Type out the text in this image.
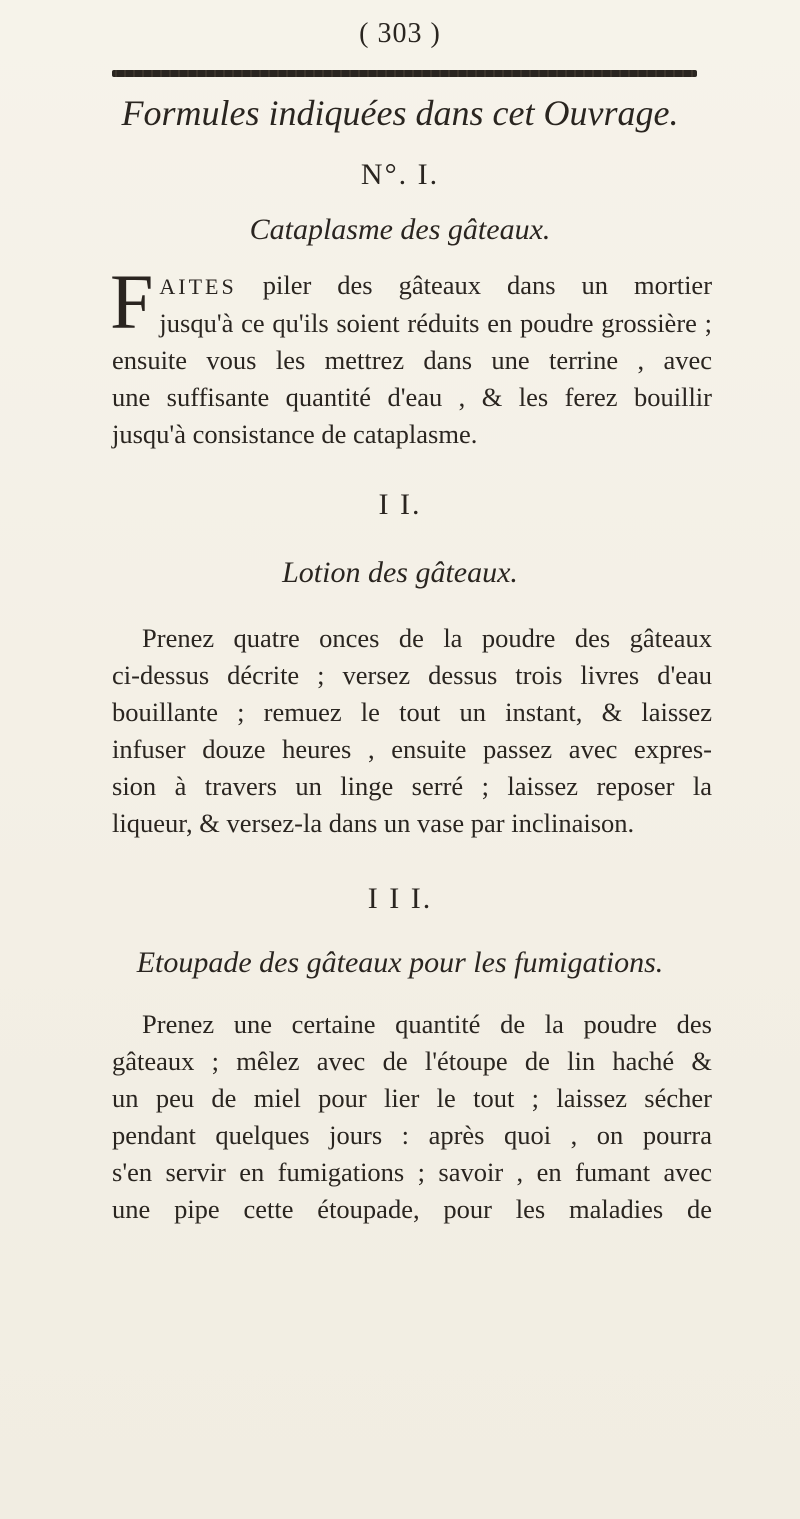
( 303 )
Formules indiquées dans cet Ouvrage.
N°. I.
Cataplasme des gâteaux.
FAITES piler des gâteaux dans un mortier
jusqu'à ce qu'ils soient réduits en poudre grossière ;
ensuite vous les mettrez dans une terrine , avec
une suffisante quantité d'eau , & les ferez bouillir
jusqu'à consistance de cataplasme.
I I.
Lotion des gâteaux.
Prenez quatre onces de la poudre des gâteaux
ci-dessus décrite ; versez dessus trois livres d'eau
bouillante ; remuez le tout un instant, & laissez
infuser douze heures , ensuite passez avec expres-
sion à travers un linge serré ; laissez reposer la
liqueur, & versez-la dans un vase par inclinaison.
I I I.
Etoupade des gâteaux pour les fumigations.
Prenez une certaine quantité de la poudre des
gâteaux ; mêlez avec de l'étoupe de lin haché &
un peu de miel pour lier le tout ; laissez sécher
pendant quelques jours : après quoi , on pourra
s'en servir en fumigations ; savoir , en fumant avec
une pipe cette étoupade, pour les maladies de
